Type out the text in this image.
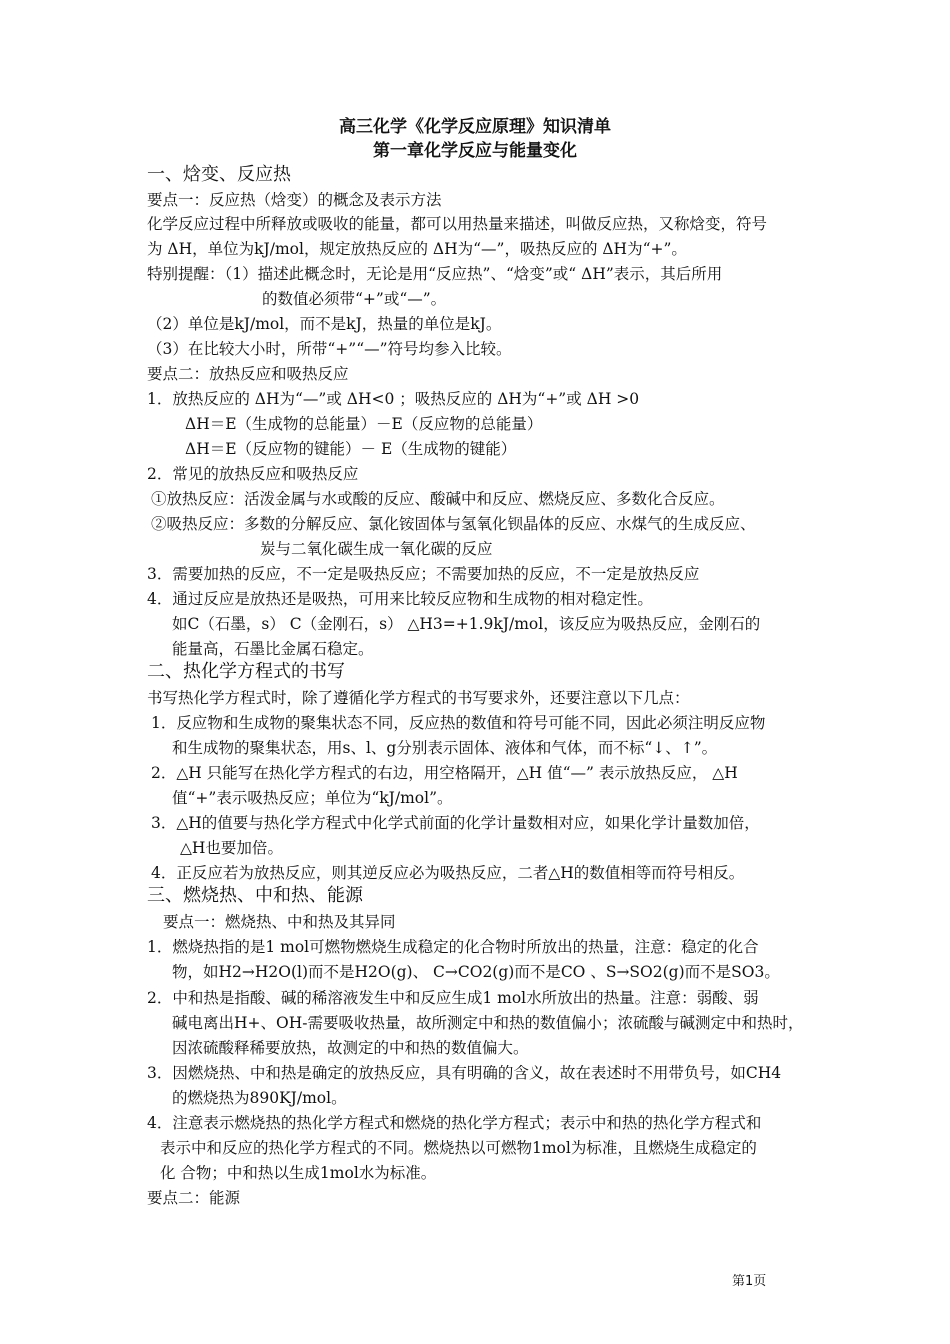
高三化学《化学反应原理》知识清单
第一章化学反应与能量变化
一、焓变、反应热
要点一：反应热（焓变）的概念及表示方法
化学反应过程中所释放或吸收的能量，都可以用热量来描述，叫做反应热，又称焓变，符号
为 ΔH，单位为kJ/mol，规定放热反应的 ΔH为“—”，吸热反应的 ΔH为“+”。
特别提醒：（1）描述此概念时，无论是用“反应热”、“焓变”或“ ΔH”表示，其后所用
的数值必须带“+”或“—”。
（2）单位是kJ/mol，而不是kJ，热量的单位是kJ。
（3）在比较大小时，所带“+”“—”符号均参入比较。
要点二：放热反应和吸热反应
1．放热反应的 ΔH为“—”或 ΔH<0 ；吸热反应的 ΔH为“+”或 ΔH >0
ΔH＝E（生成物的总能量）－E（反应物的总能量）
ΔH＝E（反应物的键能）－ E（生成物的键能）
2．常见的放热反应和吸热反应
①放热反应：活泼金属与水或酸的反应、酸碱中和反应、燃烧反应、多数化合反应。
②吸热反应：多数的分解反应、氯化铵固体与氢氧化钡晶体的反应、水煤气的生成反应、
炭与二氧化碳生成一氧化碳的反应
3．需要加热的反应，不一定是吸热反应；不需要加热的反应，不一定是放热反应
4．通过反应是放热还是吸热，可用来比较反应物和生成物的相对稳定性。
如C（石墨，s） C（金刚石，s） △H3=+1.9kJ/mol，该反应为吸热反应，金刚石的
能量高，石墨比金属石稳定。
二、热化学方程式的书写
书写热化学方程式时，除了遵循化学方程式的书写要求外，还要注意以下几点：
1．反应物和生成物的聚集状态不同，反应热的数值和符号可能不同，因此必须注明反应物
和生成物的聚集状态，用s、l、g分别表示固体、液体和气体，而不标“↓、↑”。
2．△H 只能写在热化学方程式的右边，用空格隔开，△H 值“—” 表示放热反应， △H
值“+”表示吸热反应；单位为“kJ/mol”。
3．△H的值要与热化学方程式中化学式前面的化学计量数相对应，如果化学计量数加倍，
△H也要加倍。
4．正反应若为放热反应，则其逆反应必为吸热反应，二者△H的数值相等而符号相反。
三、燃烧热、中和热、能源
要点一：燃烧热、中和热及其异同
1．燃烧热指的是1 mol可燃物燃烧生成稳定的化合物时所放出的热量，注意：稳定的化合
物，如H2→H2O(l)而不是H2O(g)、 C→CO2(g)而不是CO 、S→SO2(g)而不是SO3。
2．中和热是指酸、碱的稀溶液发生中和反应生成1 mol水所放出的热量。注意：弱酸、弱
碱电离出H+、OH-需要吸收热量，故所测定中和热的数值偏小；浓硫酸与碱测定中和热时，
因浓硫酸释稀要放热，故测定的中和热的数值偏大。
3．因燃烧热、中和热是确定的放热反应，具有明确的含义，故在表述时不用带负号，如CH4
的燃烧热为890KJ/mol。
4．注意表示燃烧热的热化学方程式和燃烧的热化学方程式；表示中和热的热化学方程式和
表示中和反应的热化学方程式的不同。燃烧热以可燃物1mol为标准，且燃烧生成稳定的
化 合物；中和热以生成1mol水为标准。
要点二：能源
第1页
